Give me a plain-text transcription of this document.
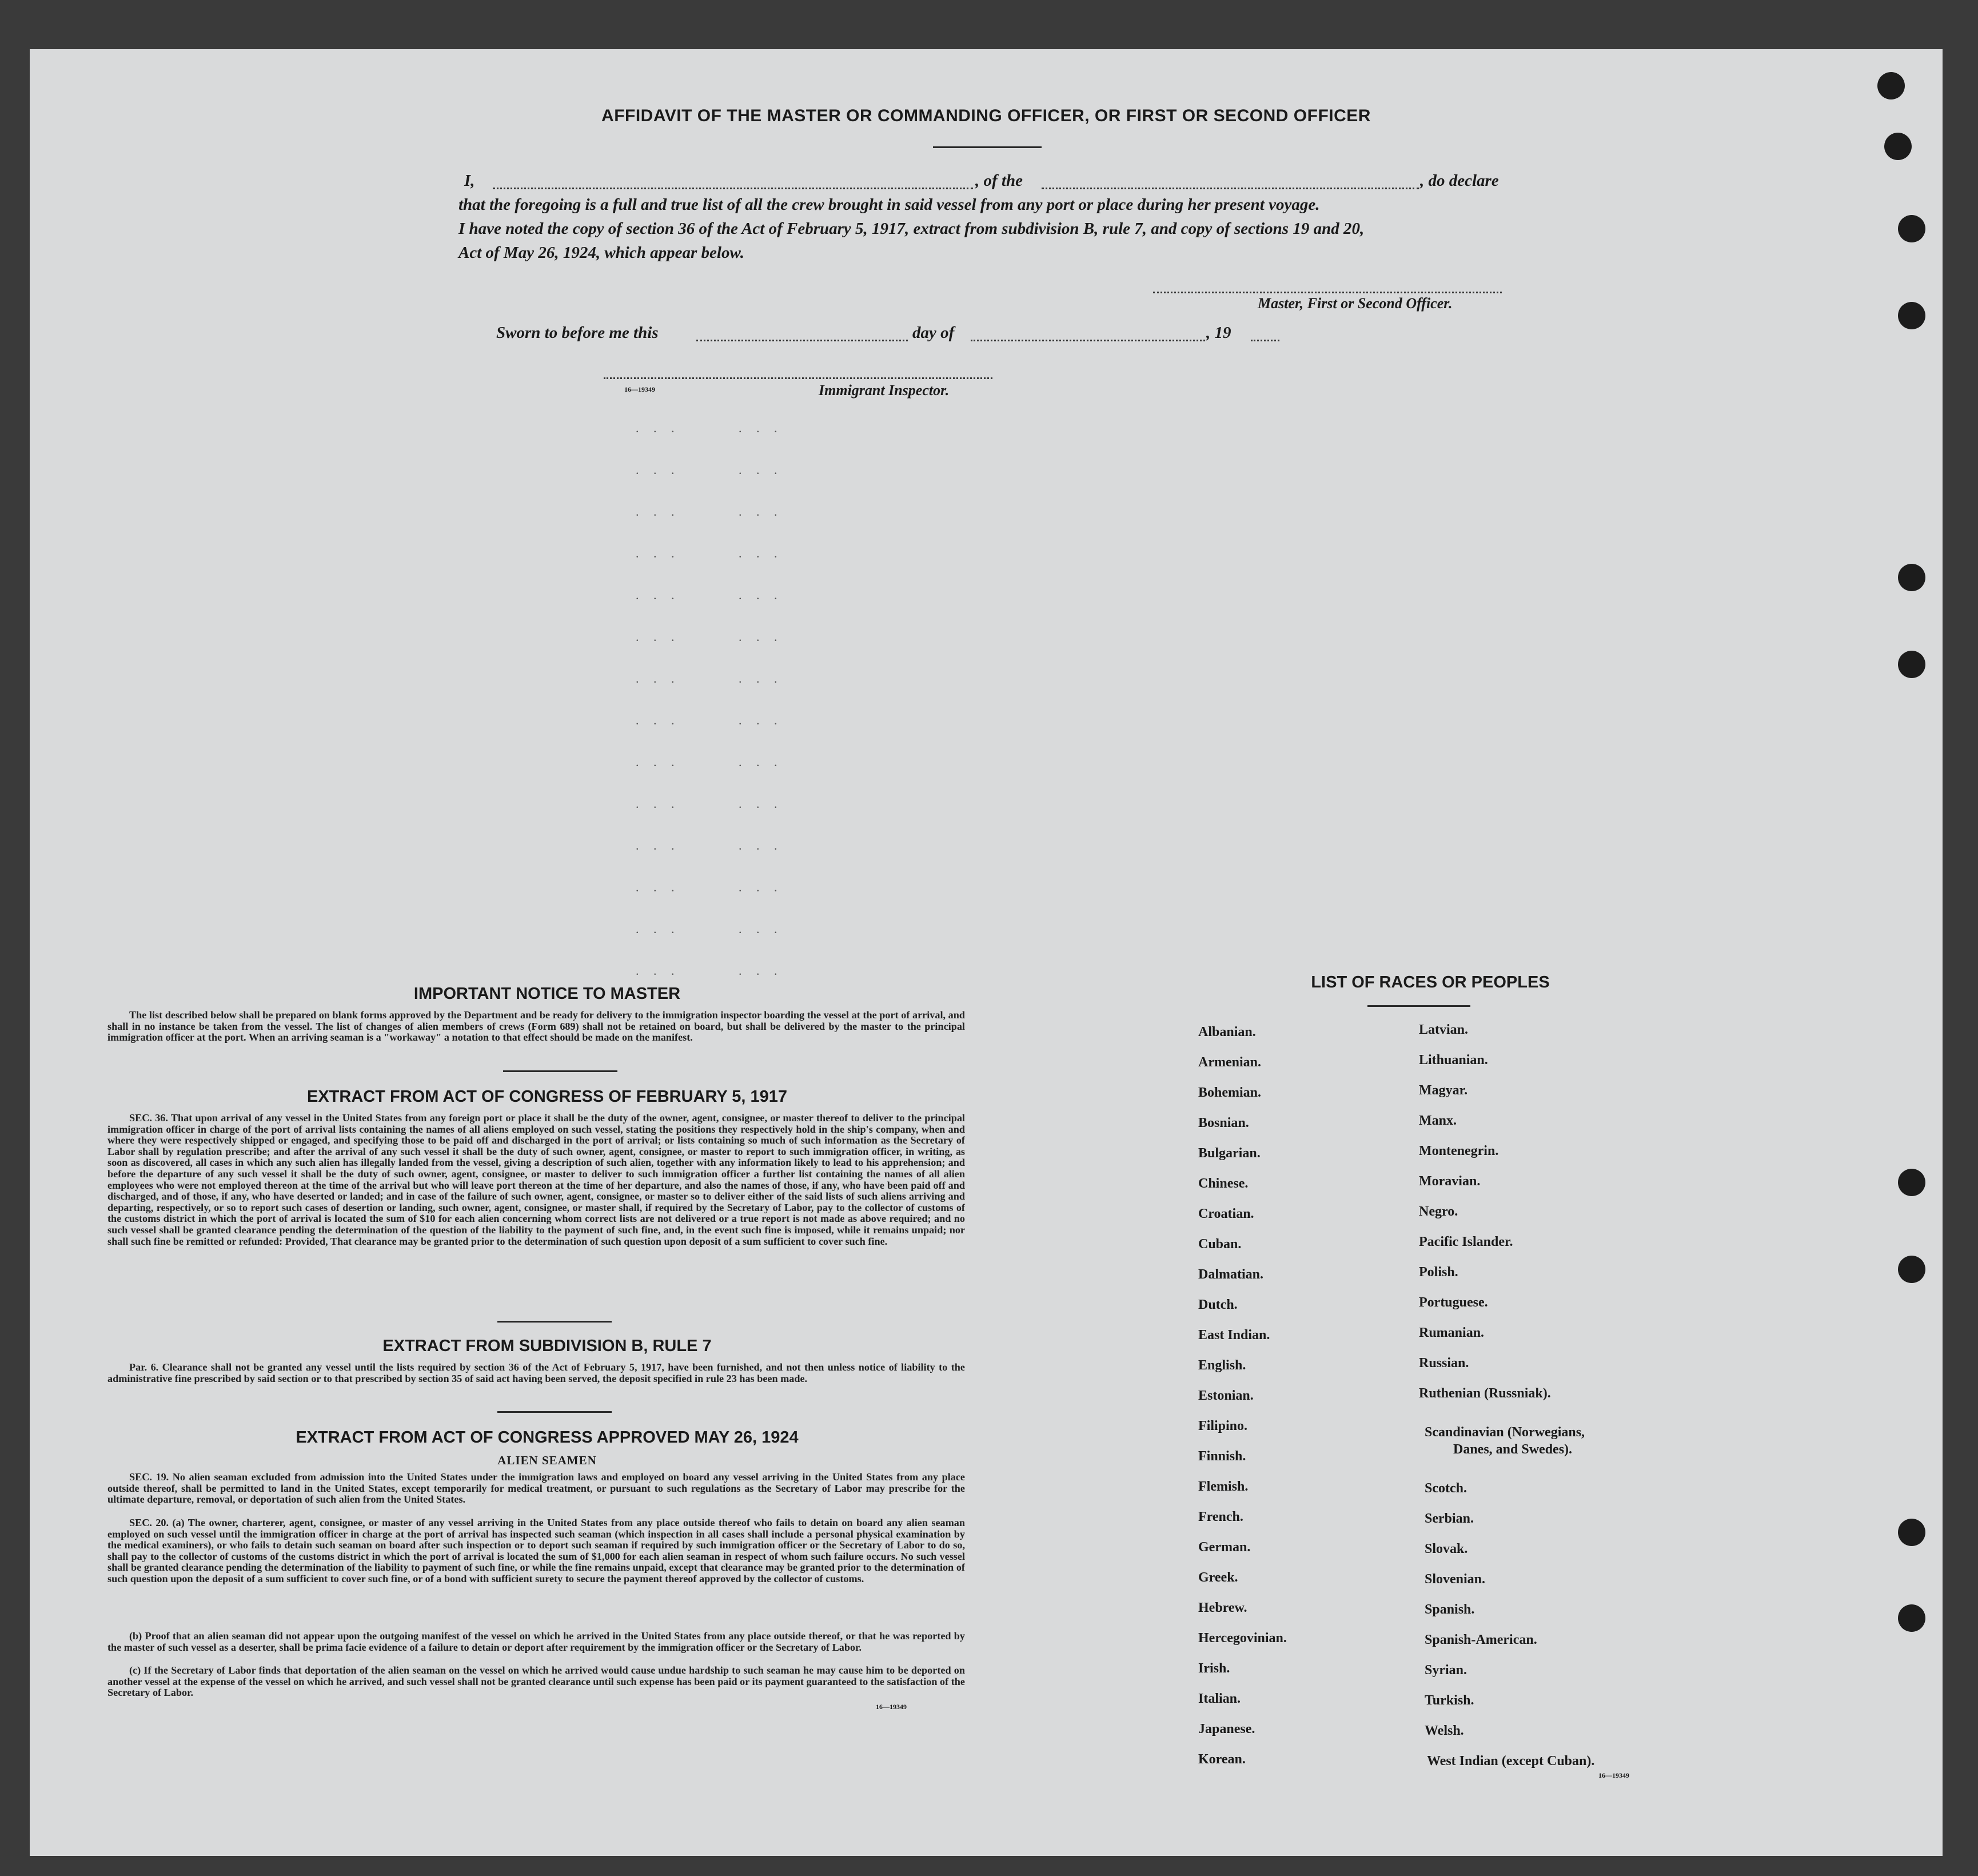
AFFIDAVIT OF THE MASTER OR COMMANDING OFFICER, OR FIRST OR SECOND OFFICER
I,	, of the	, do declare
that the foregoing is a full and true list of all the crew brought in said vessel from any port or place during her present voyage.
I have noted the copy of section 36 of the Act of February 5, 1917, extract from subdivision B, rule 7, and copy of sections 19 and 20,
Act of May 26, 1924, which appear below.
Master, First or Second Officer.
Sworn to before me this	day of	, 19
16—19349	Immigrant Inspector.
. . .
. . .
. . .
. . .
. . .
. . .
. . .
. . .
. . .
. . .
. . .
. . .
. . .
. . .
. . .
. . .
. . .
. . .
. . .
. . .
. . .
. . .
. . .
. . .
. . .
. . .
. . .
. . .
IMPORTANT NOTICE TO MASTER
The list described below shall be prepared on blank forms approved by the Department and be ready for delivery to the immigration inspector boarding the vessel at the port of arrival, and shall in no instance be taken from the vessel. The list of changes of alien members of crews (Form 689) shall not be retained on board, but shall be delivered by the master to the principal immigration officer at the port. When an arriving seaman is a "workaway" a notation to that effect should be made on the manifest.
EXTRACT FROM ACT OF CONGRESS OF FEBRUARY 5, 1917
SEC. 36. That upon arrival of any vessel in the United States from any foreign port or place it shall be the duty of the owner, agent, consignee, or master thereof to deliver to the principal immigration officer in charge of the port of arrival lists containing the names of all aliens employed on such vessel, stating the positions they respectively hold in the ship's company, when and where they were respectively shipped or engaged, and specifying those to be paid off and discharged in the port of arrival; or lists containing so much of such information as the Secretary of Labor shall by regulation prescribe; and after the arrival of any such vessel it shall be the duty of such owner, agent, consignee, or master to report to such immigration officer, in writing, as soon as discovered, all cases in which any such alien has illegally landed from the vessel, giving a description of such alien, together with any information likely to lead to his apprehension; and before the departure of any such vessel it shall be the duty of such owner, agent, consignee, or master to deliver to such immigration officer a further list containing the names of all alien employees who were not employed thereon at the time of the arrival but who will leave port thereon at the time of her departure, and also the names of those, if any, who have been paid off and discharged, and of those, if any, who have deserted or landed; and in case of the failure of such owner, agent, consignee, or master so to deliver either of the said lists of such aliens arriving and departing, respectively, or so to report such cases of desertion or landing, such owner, agent, consignee, or master shall, if required by the Secretary of Labor, pay to the collector of customs of the customs district in which the port of arrival is located the sum of $10 for each alien concerning whom correct lists are not delivered or a true report is not made as above required; and no such vessel shall be granted clearance pending the determination of the question of the liability to the payment of such fine, and, in the event such fine is imposed, while it remains unpaid; nor shall such fine be remitted or refunded: Provided, That clearance may be granted prior to the determination of such question upon deposit of a sum sufficient to cover such fine.
EXTRACT FROM SUBDIVISION B, RULE 7
Par. 6. Clearance shall not be granted any vessel until the lists required by section 36 of the Act of February 5, 1917, have been furnished, and not then unless notice of liability to the administrative fine prescribed by said section or to that prescribed by section 35 of said act having been served, the deposit specified in rule 23 has been made.
EXTRACT FROM ACT OF CONGRESS APPROVED MAY 26, 1924
ALIEN SEAMEN
SEC. 19. No alien seaman excluded from admission into the United States under the immigration laws and employed on board any vessel arriving in the United States from any place outside thereof, shall be permitted to land in the United States, except temporarily for medical treatment, or pursuant to such regulations as the Secretary of Labor may prescribe for the ultimate departure, removal, or deportation of such alien from the United States.
SEC. 20. (a) The owner, charterer, agent, consignee, or master of any vessel arriving in the United States from any place outside thereof who fails to detain on board any alien seaman employed on such vessel until the immigration officer in charge at the port of arrival has inspected such seaman (which inspection in all cases shall include a personal physical examination by the medical examiners), or who fails to detain such seaman on board after such inspection or to deport such seaman if required by such immigration officer or the Secretary of Labor to do so, shall pay to the collector of customs of the customs district in which the port of arrival is located the sum of $1,000 for each alien seaman in respect of whom such failure occurs. No such vessel shall be granted clearance pending the determination of the liability to payment of such fine, or while the fine remains unpaid, except that clearance may be granted prior to the determination of such question upon the deposit of a sum sufficient to cover such fine, or of a bond with sufficient surety to secure the payment thereof approved by the collector of customs.
(b) Proof that an alien seaman did not appear upon the outgoing manifest of the vessel on which he arrived in the United States from any place outside thereof, or that he was reported by the master of such vessel as a deserter, shall be prima facie evidence of a failure to detain or deport after requirement by the immigration officer or the Secretary of Labor.
(c) If the Secretary of Labor finds that deportation of the alien seaman on the vessel on which he arrived would cause undue hardship to such seaman he may cause him to be deported on another vessel at the expense of the vessel on which he arrived, and such vessel shall not be granted clearance until such expense has been paid or its payment guaranteed to the satisfaction of the Secretary of Labor.
16—19349
LIST OF RACES OR PEOPLES
Albanian.
Armenian.
Bohemian.
Bosnian.
Bulgarian.
Chinese.
Croatian.
Cuban.
Dalmatian.
Dutch.
East Indian.
English.
Estonian.
Filipino.
Finnish.
Flemish.
French.
German.
Greek.
Hebrew.
Hercegovinian.
Irish.
Italian.
Japanese.
Korean.
Latvian.
Lithuanian.
Magyar.
Manx.
Montenegrin.
Moravian.
Negro.
Pacific Islander.
Polish.
Portuguese.
Rumanian.
Russian.
Ruthenian (Russniak).
Scandinavian (Norwegians,
Danes, and Swedes).
Scotch.
Serbian.
Slovak.
Slovenian.
Spanish.
Spanish-American.
Syrian.
Turkish.
Welsh.
West Indian (except Cuban).
16—19349
